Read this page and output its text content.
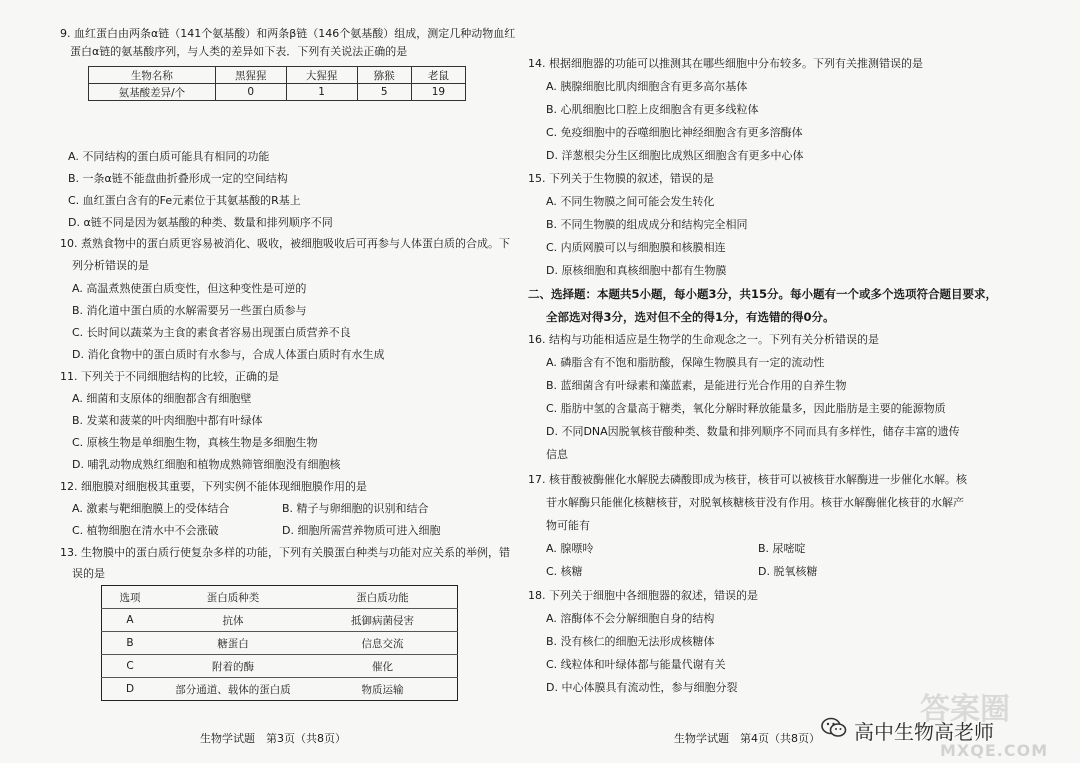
9. 血红蛋白由两条α链（141个氨基酸）和两条β链（146个氨基酸）组成，测定几种动物血红
蛋白α链的氨基酸序列，与人类的差异如下表．下列有关说法正确的是
生物名称	黑猩猩	大猩猩	猕猴	老鼠
氨基酸差异/个	0	1	5	19
A. 不同结构的蛋白质可能具有相同的功能
B. 一条α链不能盘曲折叠形成一定的空间结构
C. 血红蛋白含有的Fe元素位于其氨基酸的R基上
D. α链不同是因为氨基酸的种类、数量和排列顺序不同
10. 煮熟食物中的蛋白质更容易被消化、吸收，被细胞吸收后可再参与人体蛋白质的合成。下
列分析错误的是
A. 高温煮熟使蛋白质变性，但这种变性是可逆的
B. 消化道中蛋白质的水解需要另一些蛋白质参与
C. 长时间以蔬菜为主食的素食者容易出现蛋白质营养不良
D. 消化食物中的蛋白质时有水参与，合成人体蛋白质时有水生成
11. 下列关于不同细胞结构的比较，正确的是
A. 细菌和支原体的细胞都含有细胞壁
B. 发菜和菠菜的叶肉细胞中都有叶绿体
C. 原核生物是单细胞生物，真核生物是多细胞生物
D. 哺乳动物成熟红细胞和植物成熟筛管细胞没有细胞核
12. 细胞膜对细胞极其重要，下列实例不能体现细胞膜作用的是
A. 激素与靶细胞膜上的受体结合	B. 精子与卵细胞的识别和结合
C. 植物细胞在清水中不会涨破	D. 细胞所需营养物质可进入细胞
13. 生物膜中的蛋白质行使复杂多样的功能，下列有关膜蛋白种类与功能对应关系的举例，错
误的是
选项	蛋白质种类	蛋白质功能
A	抗体	抵御病菌侵害
B	糖蛋白	信息交流
C	附着的酶	催化
D	部分通道、载体的蛋白质	物质运输
生物学试题　第3页（共8页）
14. 根据细胞器的功能可以推测其在哪些细胞中分布较多。下列有关推测错误的是
A. 胰腺细胞比肌肉细胞含有更多高尔基体
B. 心肌细胞比口腔上皮细胞含有更多线粒体
C. 免疫细胞中的吞噬细胞比神经细胞含有更多溶酶体
D. 洋葱根尖分生区细胞比成熟区细胞含有更多中心体
15. 下列关于生物膜的叙述，错误的是
A. 不同生物膜之间可能会发生转化
B. 不同生物膜的组成成分和结构完全相同
C. 内质网膜可以与细胞膜和核膜相连
D. 原核细胞和真核细胞中都有生物膜
二、选择题：本题共5小题，每小题3分，共15分。每小题有一个或多个选项符合题目要求，
全部选对得3分，选对但不全的得1分，有选错的得0分。
16. 结构与功能相适应是生物学的生命观念之一。下列有关分析错误的是
A. 磷脂含有不饱和脂肪酸，保障生物膜具有一定的流动性
B. 蓝细菌含有叶绿素和藻蓝素，是能进行光合作用的自养生物
C. 脂肪中氢的含量高于糖类，氧化分解时释放能量多，因此脂肪是主要的能源物质
D. 不同DNA因脱氧核苷酸种类、数量和排列顺序不同而具有多样性，储存丰富的遗传
信息
17. 核苷酸被酶催化水解脱去磷酸即成为核苷，核苷可以被核苷水解酶进一步催化水解。核
苷水解酶只能催化核糖核苷，对脱氧核糖核苷没有作用。核苷水解酶催化核苷的水解产
物可能有
A. 腺嘌呤	B. 尿嘧啶
C. 核糖	D. 脱氧核糖
18. 下列关于细胞中各细胞器的叙述，错误的是
A. 溶酶体不会分解细胞自身的结构
B. 没有核仁的细胞无法形成核糖体
C. 线粒体和叶绿体都与能量代谢有关
D. 中心体膜具有流动性，参与细胞分裂
生物学试题　第4页（共8页） 高中生物高老师
答案圈
MXQE.COM
